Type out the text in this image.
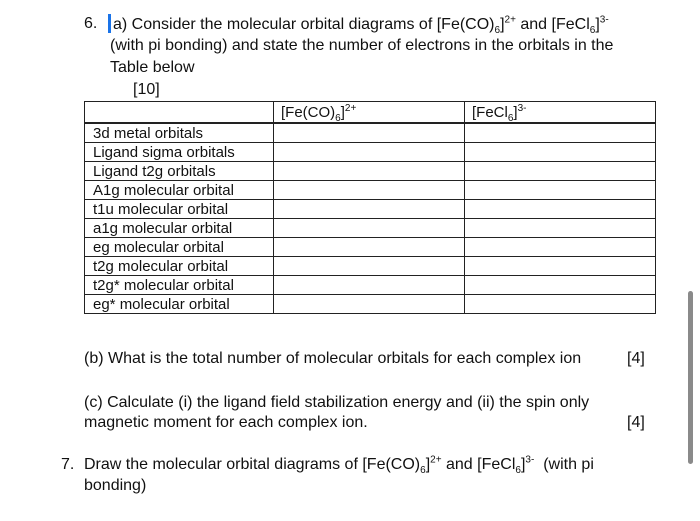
6. a) Consider the molecular orbital diagrams of $[Fe(CO)_6]^{2+}$ and [FeCl$_6$]$^{3-}$
(with pi bonding) and state the number of electrons in the orbitals in the
Table below
[10]
	$[Fe(CO)_6]^{2+}$	[FeCl$_6$]$^{3-}$
3d metal orbitals		
Ligand sigma orbitals		
Ligand t2g orbitals		
A1g molecular orbital		
t1u molecular orbital		
a1g molecular orbital		
eg molecular orbital		
t2g molecular orbital		
t2g* molecular orbital		
eg* molecular orbital		
(b) What is the total number of molecular orbitals for each complex ion	[4]
(c) Calculate (i) the ligand field stabilization energy and (ii) the spin only
magnetic moment for each complex ion.	[4]
7. Draw the molecular orbital diagrams of $[Fe(CO)_6]^{2+}$ and [FeCl$_6$]$^{3-}$ (with pi
bonding)
